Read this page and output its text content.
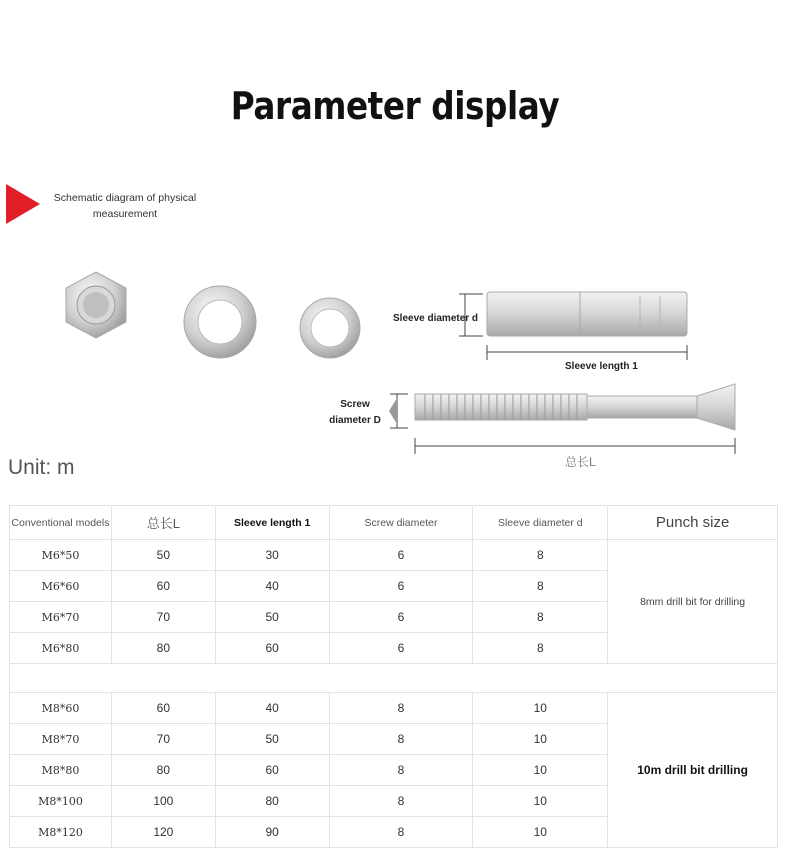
Parameter display
Schematic diagram of physical measurement
Sleeve diameter d
Sleeve length 1
Screw diameter D
总长L
Unit: m
Conventional models	总长L	Sleeve length 1	Screw diameter	Sleeve diameter d	Punch size
M6*50	50	30	6	8	8mm drill bit for drilling
M6*60	60	40	6	8	
M6*70	70	50	6	8	
M6*80	80	60	6	8	

M8*60	60	40	8	10	10m drill bit drilling
M8*70	70	50	8	10	
M8*80	80	60	8	10	
M8*100	100	80	8	10	
M8*120	120	90	8	10	
